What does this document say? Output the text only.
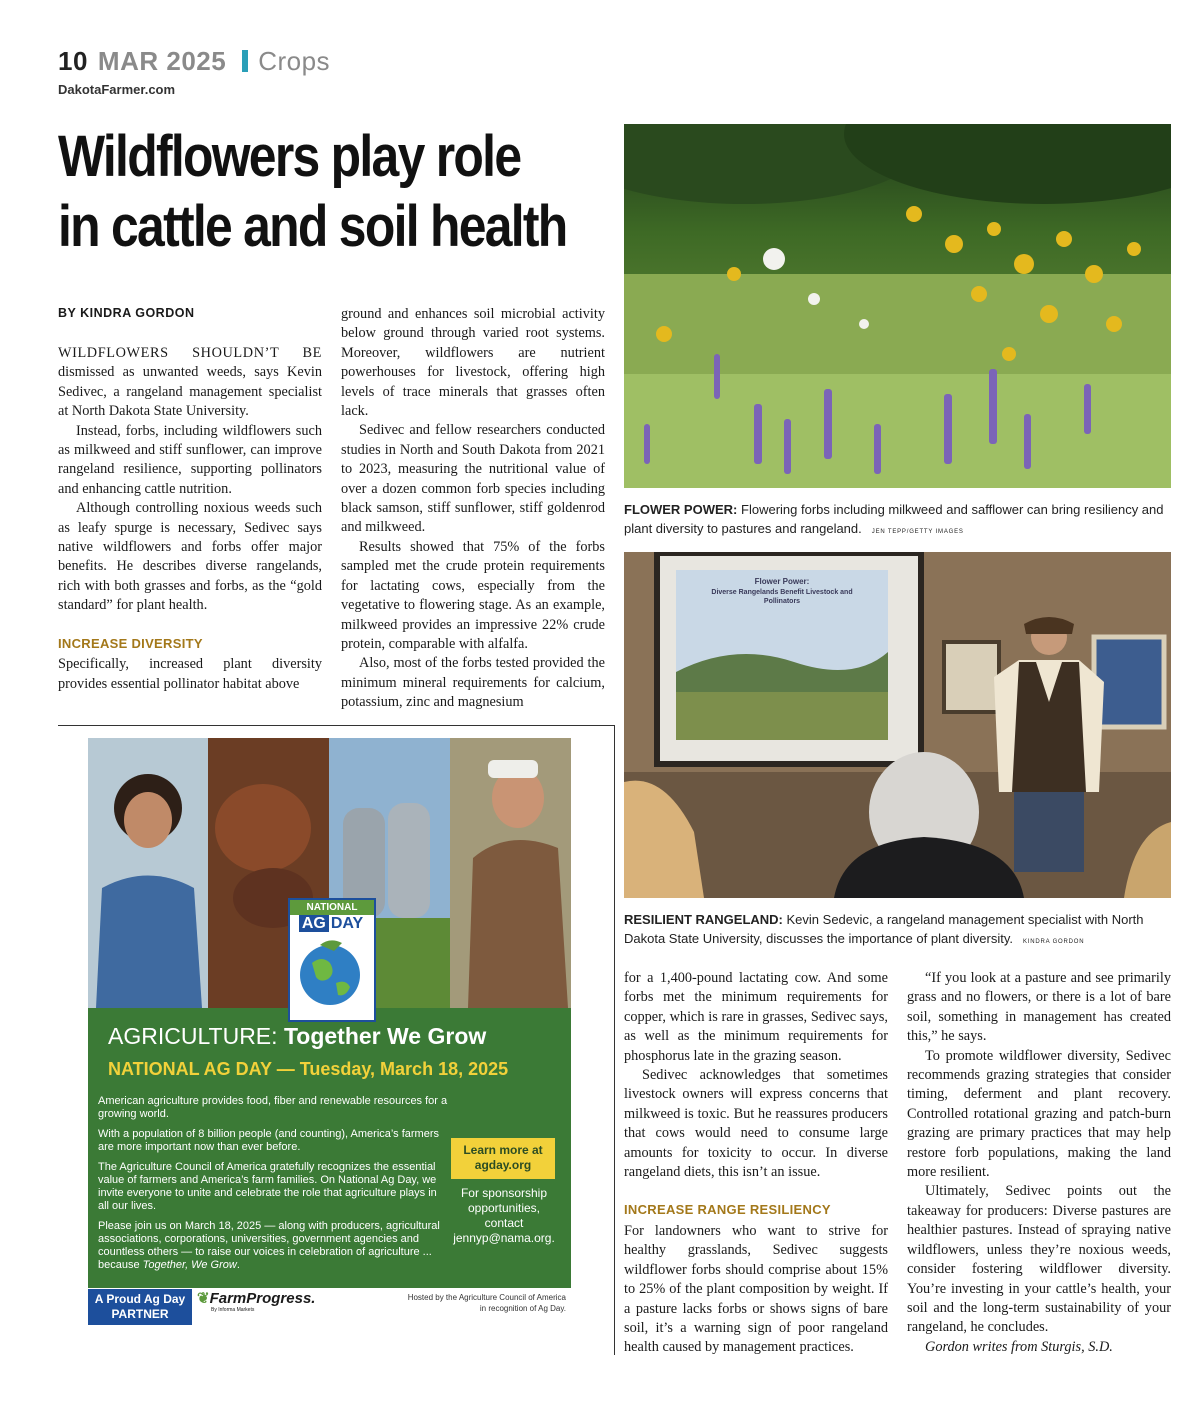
10 MAR 2025 Crops
DakotaFarmer.com
Wildflowers play role
in cattle and soil health
BY KINDRA GORDON

WILDFLOWERS SHOULDN’T BE dismissed as unwanted weeds, says Kevin Sedivec, a rangeland management specialist at North Dakota State University.

Instead, forbs, including wildflowers such as milkweed and stiff sunflower, can improve rangeland resilience, supporting pollinators and enhancing cattle nutrition.

Although controlling noxious weeds such as leafy spurge is necessary, Sedivec says native wildflowers and forbs offer major benefits. He describes diverse rangelands, rich with both grasses and forbs, as the “gold standard” for plant health.

INCREASE DIVERSITY

Specifically, increased plant diversity provides essential pollinator habitat above

ground and enhances soil microbial activity below ground through varied root systems. Moreover, wildflowers are nutrient powerhouses for livestock, offering high levels of trace minerals that grasses often lack.

Sedivec and fellow researchers conducted studies in North and South Dakota from 2021 to 2023, measuring the nutritional value of over a dozen common forb species including black samson, stiff sunflower, stiff goldenrod and milkweed.

Results showed that 75% of the forbs sampled met the crude protein requirements for lactating cows, especially from the vegetative to flowering stage. As an example, milkweed provides an impressive 22% crude protein, comparable with alfalfa.

Also, most of the forbs tested provided the minimum mineral requirements for calcium, potassium, zinc and magnesium

FLOWER POWER: Flowering forbs including milkweed and safflower can bring resiliency and plant diversity to pastures and rangeland. JEN TEPP/GETTY IMAGES
Flower Power:
Diverse Rangelands Benefit Livestock and
Pollinators
RESILIENT RANGELAND: Kevin Sedevic, a rangeland management specialist with North Dakota State University, discusses the importance of plant diversity. KINDRA GORDON

for a 1,400-pound lactating cow. And some forbs met the minimum requirements for copper, which is rare in grasses, Sedivec says, as well as the minimum requirements for phosphorus late in the grazing season.

Sedivec acknowledges that sometimes livestock owners will express concerns that milkweed is toxic. But he reassures producers that cows would need to consume large amounts for toxicity to occur. In diverse rangeland diets, this isn’t an issue.

INCREASE RANGE RESILIENCY

For landowners who want to strive for healthy grasslands, Sedivec suggests wildflower forbs should comprise about 15% to 25% of the plant composition by weight. If a pasture lacks forbs or shows signs of bare soil, it’s a warning sign of poor rangeland health caused by management practices.

“If you look at a pasture and see primarily grass and no flowers, or there is a lot of bare soil, something in management has created this,” he says.

To promote wildflower diversity, Sedivec recommends grazing strategies that consider timing, deferment and plant recovery. Controlled rotational grazing and patch-burn grazing are primary practices that may help restore forb populations, making the land more resilient.

Ultimately, Sedivec points out the takeaway for producers: Diverse pastures are healthier pastures. Instead of spraying native wildflowers, unless they’re noxious weeds, consider fostering wildflower diversity. You’re investing in your cattle’s health, your soil and the long-term sustainability of your rangeland, he concludes.

Gordon writes from Sturgis, S.D.

NATIONAL
AG DAY
AGRICULTURE: Together We Grow
NATIONAL AG DAY — Tuesday, March 18, 2025

American agriculture provides food, fiber and renewable resources for a growing world.

With a population of 8 billion people (and counting), America’s farmers are more important now than ever before.

The Agriculture Council of America gratefully recognizes the essential value of farmers and America’s farm families. On National Ag Day, we invite everyone to unite and celebrate the role that agriculture plays in all our lives.

Please join us on March 18, 2025 — along with producers, agricultural associations, corporations, universities, government agencies and countless others — to raise our voices in celebration of agriculture ... because Together, We Grow.

Learn more at
agday.org
For sponsorship
opportunities,
contact
jennyp@nama.org.
A Proud Ag Day
PARTNER
❦FarmProgress.
By Informa Markets
Hosted by the Agriculture Council of America
in recognition of Ag Day.
